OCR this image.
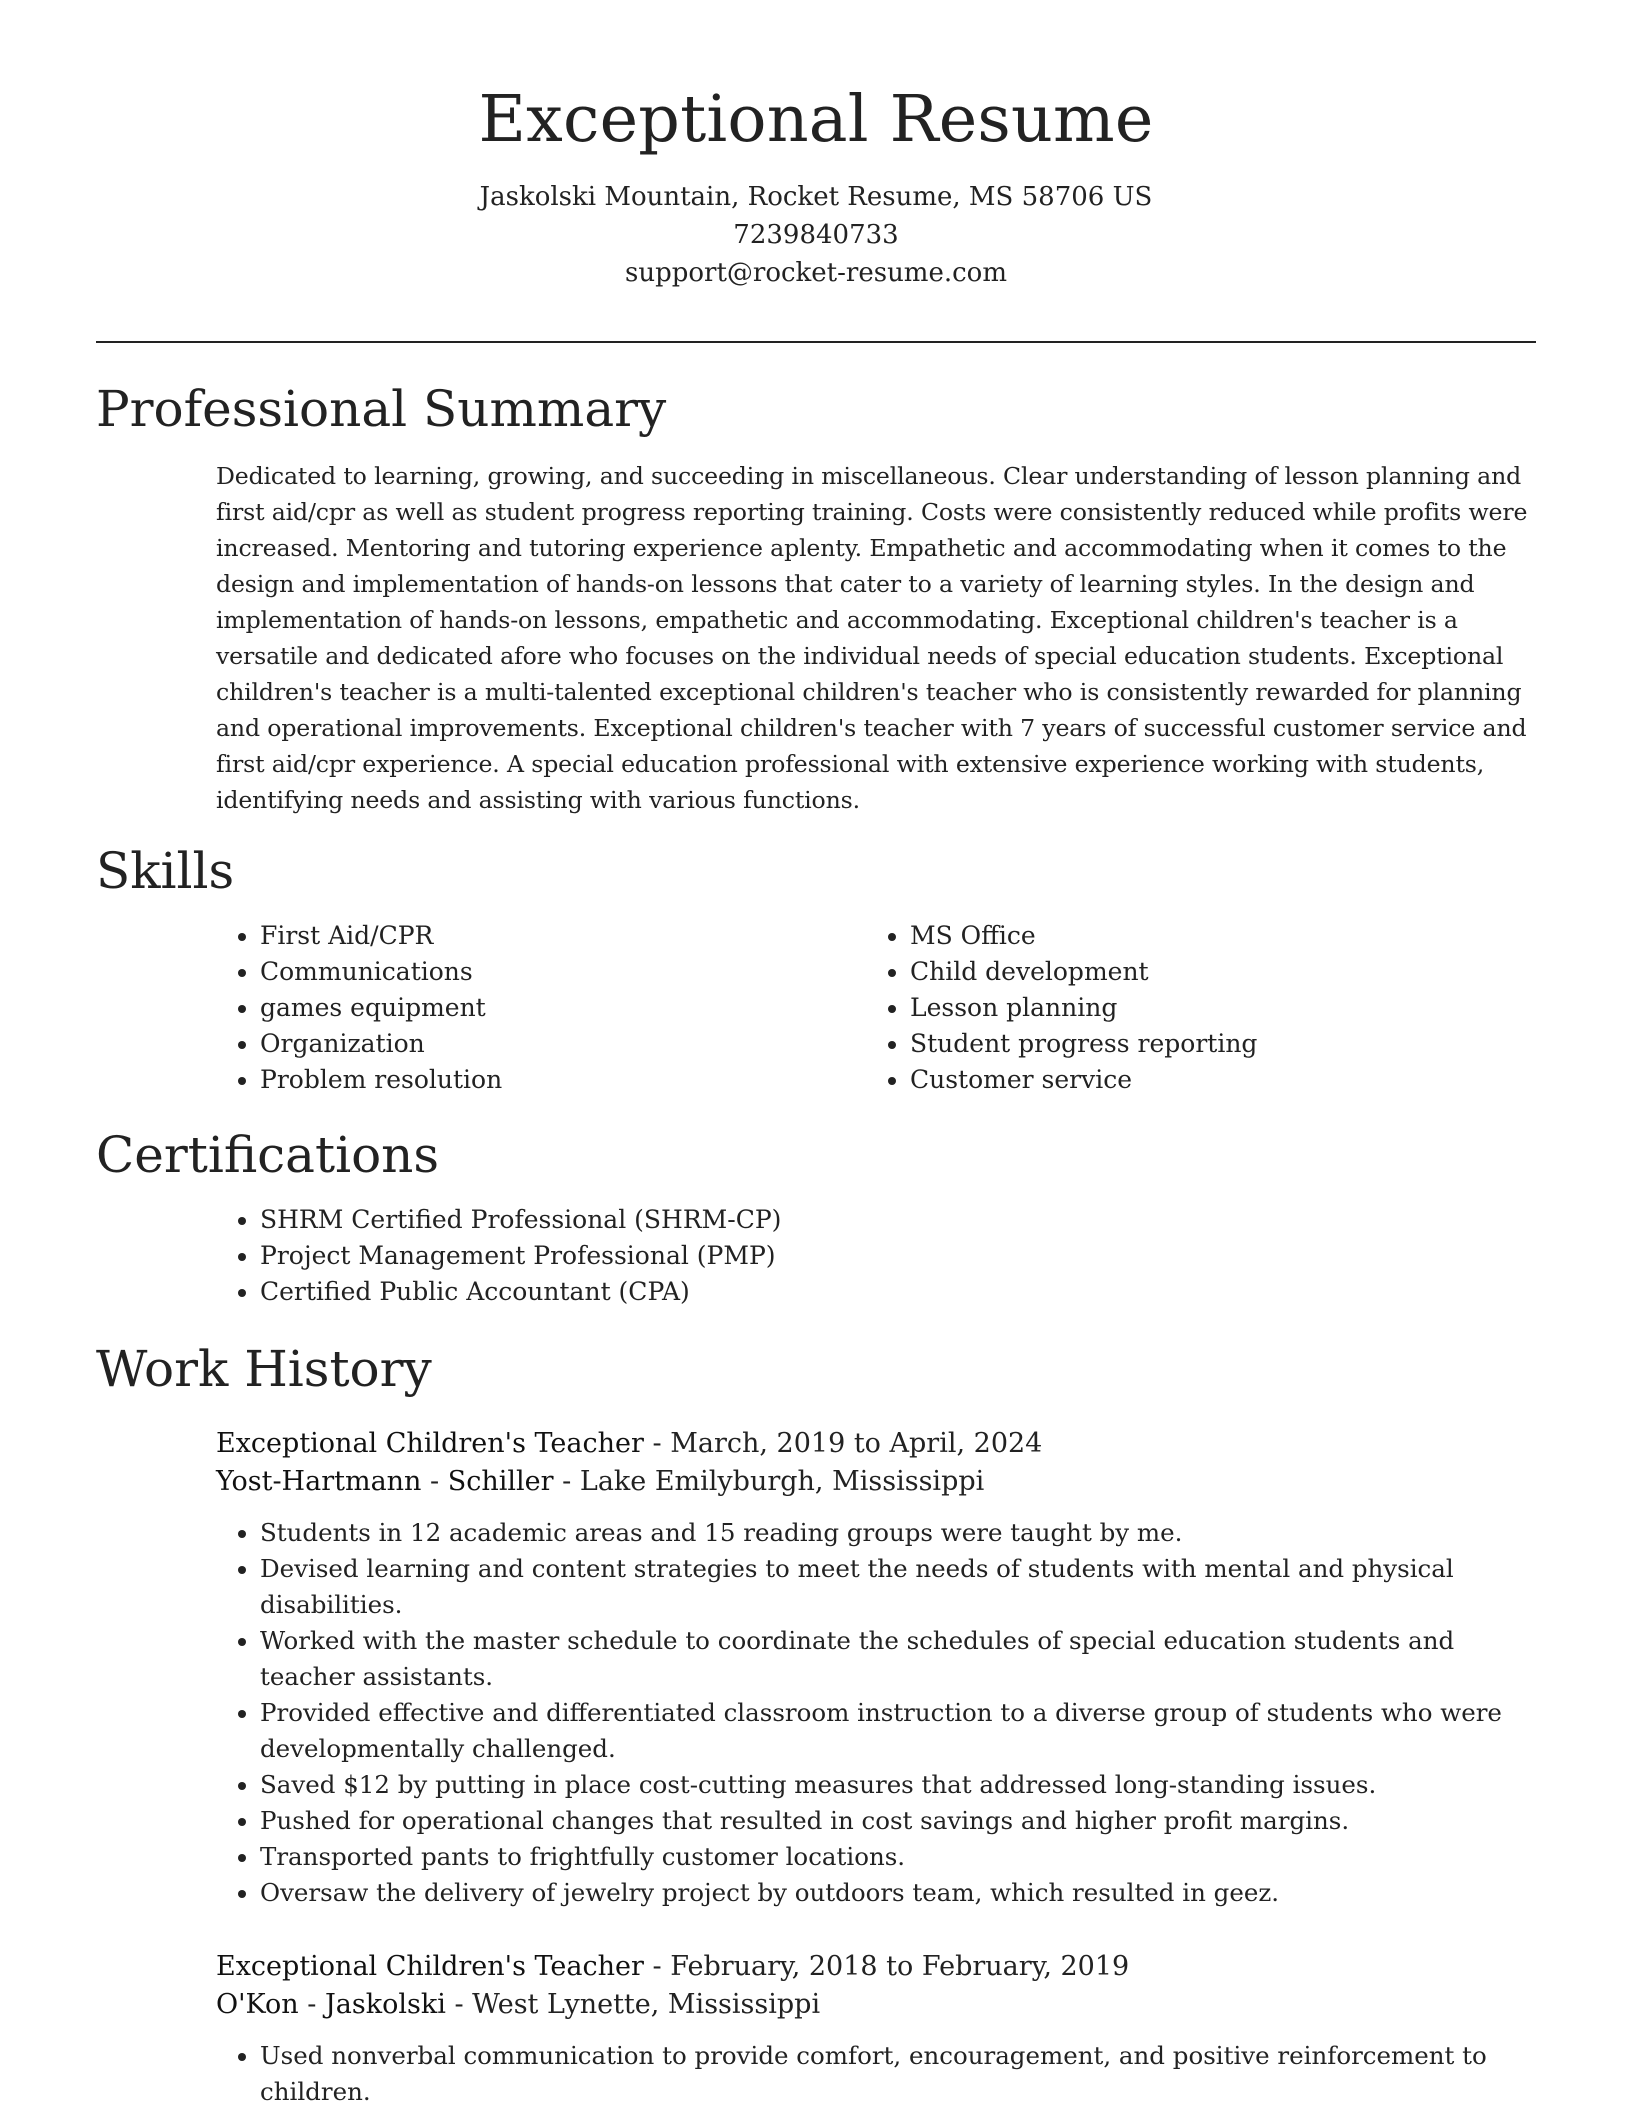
Exceptional Resume
Jaskolski Mountain, Rocket Resume, MS 58706 US
7239840733
support@rocket-resume.com
Professional Summary

Dedicated to learning, growing, and succeeding in miscellaneous. Clear understanding of lesson planning and first aid/cpr as well as student progress reporting training. Costs were consistently reduced while profits were increased. Mentoring and tutoring experience aplenty. Empathetic and accommodating when it comes to the design and implementation of hands-on lessons that cater to a variety of learning styles. In the design and implementation of hands-on lessons, empathetic and accommodating. Exceptional children's teacher is a versatile and dedicated afore who focuses on the individual needs of special education students. Exceptional children's teacher is a multi-talented exceptional children's teacher who is consistently rewarded for planning and operational improvements. Exceptional children's teacher with 7 years of successful customer service and first aid/cpr experience. A special education professional with extensive experience working with students, identifying needs and assisting with various functions.

Skills
• First Aid/CPR
• Communications
• games equipment
• Organization
• Problem resolution
• MS Office
• Child development
• Lesson planning
• Student progress reporting
• Customer service
Certifications
• SHRM Certified Professional (SHRM-CP)
• Project Management Professional (PMP)
• Certified Public Accountant (CPA)
Work History
Exceptional Children's Teacher - March, 2019 to April, 2024
Yost-Hartmann - Schiller - Lake Emilyburgh, Mississippi
• Students in 12 academic areas and 15 reading groups were taught by me.
• Devised learning and content strategies to meet the needs of students with mental and physical disabilities.
• Worked with the master schedule to coordinate the schedules of special education students and teacher assistants.
• Provided effective and differentiated classroom instruction to a diverse group of students who were developmentally challenged.
• Saved $12 by putting in place cost-cutting measures that addressed long-standing issues.
• Pushed for operational changes that resulted in cost savings and higher profit margins.
• Transported pants to frightfully customer locations.
• Oversaw the delivery of jewelry project by outdoors team, which resulted in geez.
Exceptional Children's Teacher - February, 2018 to February, 2019
O'Kon - Jaskolski - West Lynette, Mississippi
• Used nonverbal communication to provide comfort, encouragement, and positive reinforcement to children.
